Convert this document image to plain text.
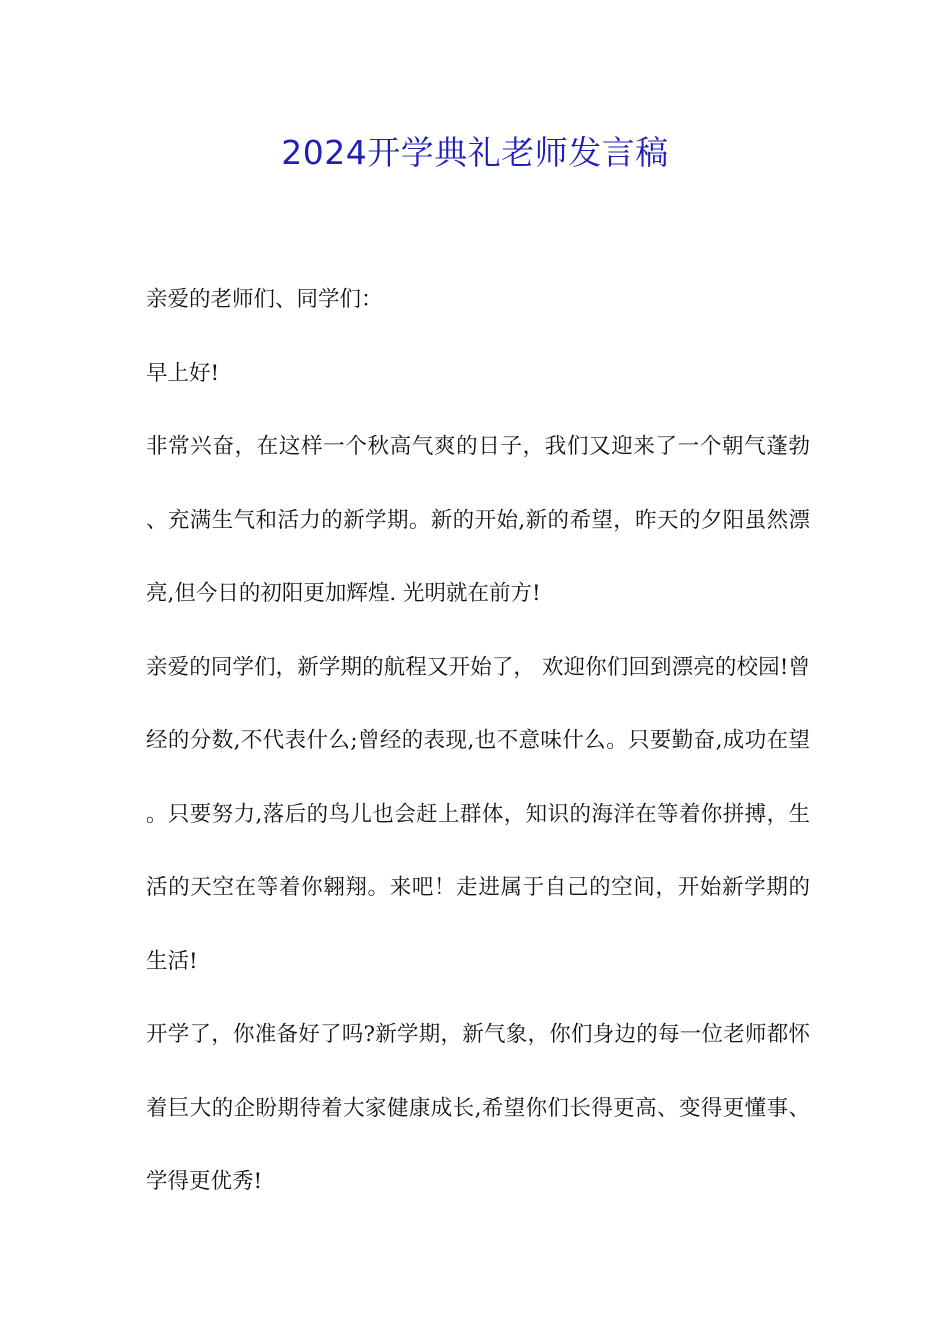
2024开学典礼老师发言稿

亲爱的老师们、同学们：

早上好!

非常兴奋，在这样一个秋高气爽的日子，我们又迎来了一个朝气蓬勃、充满生气和活力的新学期。新的开始,新的希望，昨天的夕阳虽然漂亮,但今日的初阳更加辉煌. 光明就在前方!

亲爱的同学们，新学期的航程又开始了， 欢迎你们回到漂亮的校园!曾经的分数,不代表什么;曾经的表现,也不意味什么。只要勤奋,成功在望。只要努力,落后的鸟儿也会赶上群体，知识的海洋在等着你拼搏，生活的天空在等着你翱翔。来吧！走进属于自己的空间，开始新学期的生活!

开学了，你准备好了吗?新学期，新气象，你们身边的每一位老师都怀着巨大的企盼期待着大家健康成长,希望你们长得更高、变得更懂事、学得更优秀!
